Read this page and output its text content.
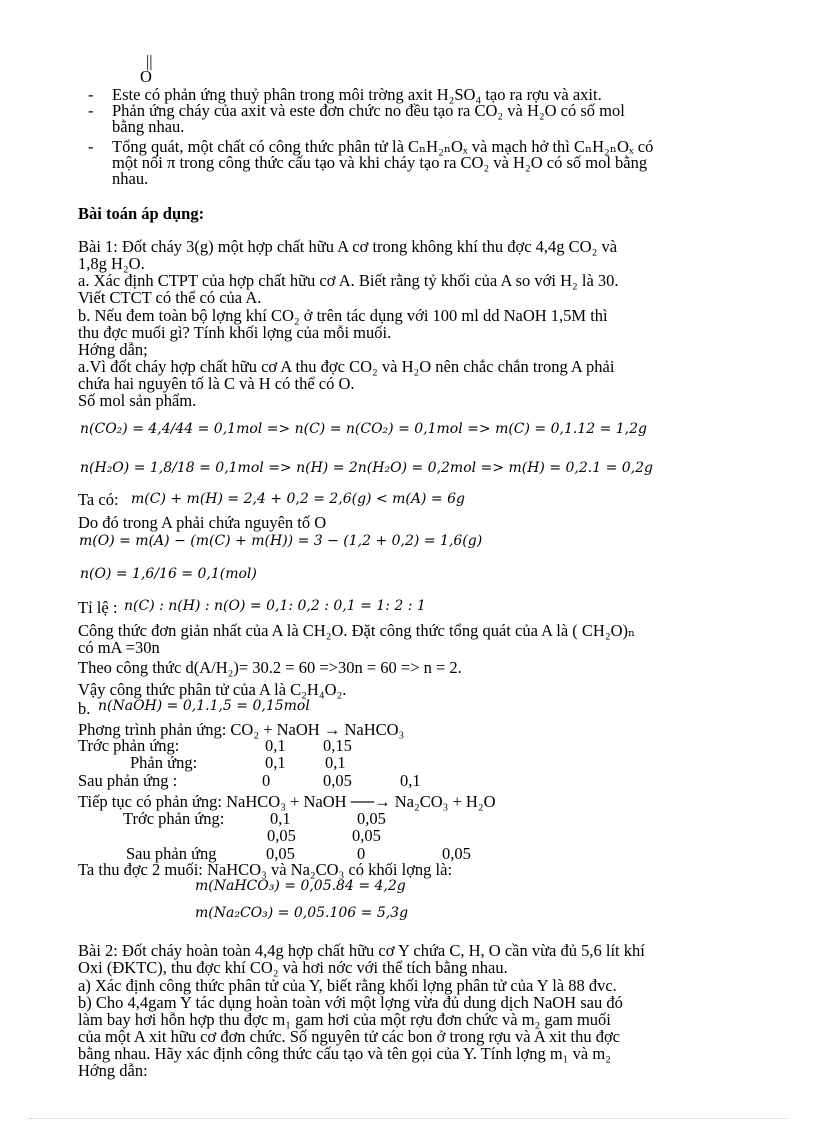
||
O
- Este có phản ứng thuỷ phân trong môi trờng axit H₂SO₄ tạo ra rợu và axit.
- Phản ứng cháy của axit và este đơn chức no đều tạo ra CO₂ và H₂O có số mol
bằng nhau.
- Tổng quát, một chất có công thức phân tử là CₙH₂ₙOₓ và mạch hở thì CₙH₂ₙOₓ có
một nối π trong công thức cấu tạo và khi cháy tạo ra CO₂ và H₂O có số mol bằng
nhau.
Bài toán áp dụng:
Bài 1: Đốt cháy 3(g) một hợp chất hữu A cơ trong không khí thu đợc 4,4g CO₂ và
1,8g H₂O.
a. Xác định CTPT của hợp chất hữu cơ A. Biết rằng tỷ khối của A so với H₂ là 30.
Viết CTCT có thể có của A.
b. Nếu đem toàn bộ lợng khí CO₂ ở trên tác dụng với 100 ml dd NaOH 1,5M thì
thu đợc muối gì? Tính khối lợng của mỗi muối.
Hớng dẫn;
a.Vì đốt cháy hợp chất hữu cơ A thu đợc CO₂ và H₂O nên chắc chắn trong A phải
chứa hai nguyên tố là C và H có thể có O.
Số mol sản phẩm.
n(CO₂) = 4,4/44 = 0,1mol => n(C) = n(CO₂) = 0,1mol => m(C) = 0,1.12 = 1,2g
n(H₂O) = 1,8/18 = 0,1mol => n(H) = 2n(H₂O) = 0,2mol => m(H) = 0,2.1 = 0,2g
Ta có: m(C) + m(H) = 2,4 + 0,2 = 2,6(g) < m(A) = 6g
Do đó trong A phải chứa nguyên tố O
m(O) = m(A) − (m(C) + m(H)) = 3 − (1,2 + 0,2) = 1,6(g)
n(O) = 1,6/16 = 0,1(mol)
Tỉ lệ : n(C) : n(H) : n(O) = 0,1: 0,2 : 0,1 = 1: 2 : 1
Công thức đơn giản nhất của A là CH₂O. Đặt công thức tổng quát của A là ( CH₂O)ₙ
có mA =30n
Theo công thức d(A/H₂)= 30.2 = 60 =>30n = 60 => n = 2.
Vậy công thức phân tử của A là C₂H₄O₂.
b. n(NaOH) = 0,1.1,5 = 0,15mol
Phơng trình phản ứng: CO₂ + NaOH → NaHCO₃
Trớc phản ứng:	0,1 0,15
Phản ứng:	0,1 0,1
Sau phản ứng :	0	0,05	0,1
Tiếp tục có phản ứng: NaHCO₃ + NaOH ──→ Na₂CO₃ + H₂O
Trớc phản ứng:	0,1	0,05
0,05	0,05
Sau phản ứng	0,05	0	0,05
Ta thu đợc 2 muối: NaHCO₃ và Na₂CO₃ có khối lợng là:
m(NaHCO₃) = 0,05.84 = 4,2g
m(Na₂CO₃) = 0,05.106 = 5,3g
Bài 2: Đốt cháy hoàn toàn 4,4g hợp chất hữu cơ Y chứa C, H, O cần vừa đủ 5,6 lít khí
Oxi (ĐKTC), thu đợc khí CO₂ và hơi nớc với thể tích bằng nhau.
a) Xác định công thức phân tử của Y, biết rằng khối lợng phân tử của Y là 88 đvc.
b) Cho 4,4gam Y tác dụng hoàn toàn với một lợng vừa đủ dung dịch NaOH sau đó
làm bay hơi hỗn hợp thu đợc m₁ gam hơi của một rợu đơn chức và m₂ gam muối
của một A xit hữu cơ đơn chức. Số nguyên tử các bon ở trong rợu và A xit thu đợc
bằng nhau. Hãy xác định công thức cấu tạo và tên gọi của Y. Tính lợng m₁ và m₂
Hớng dẫn:
